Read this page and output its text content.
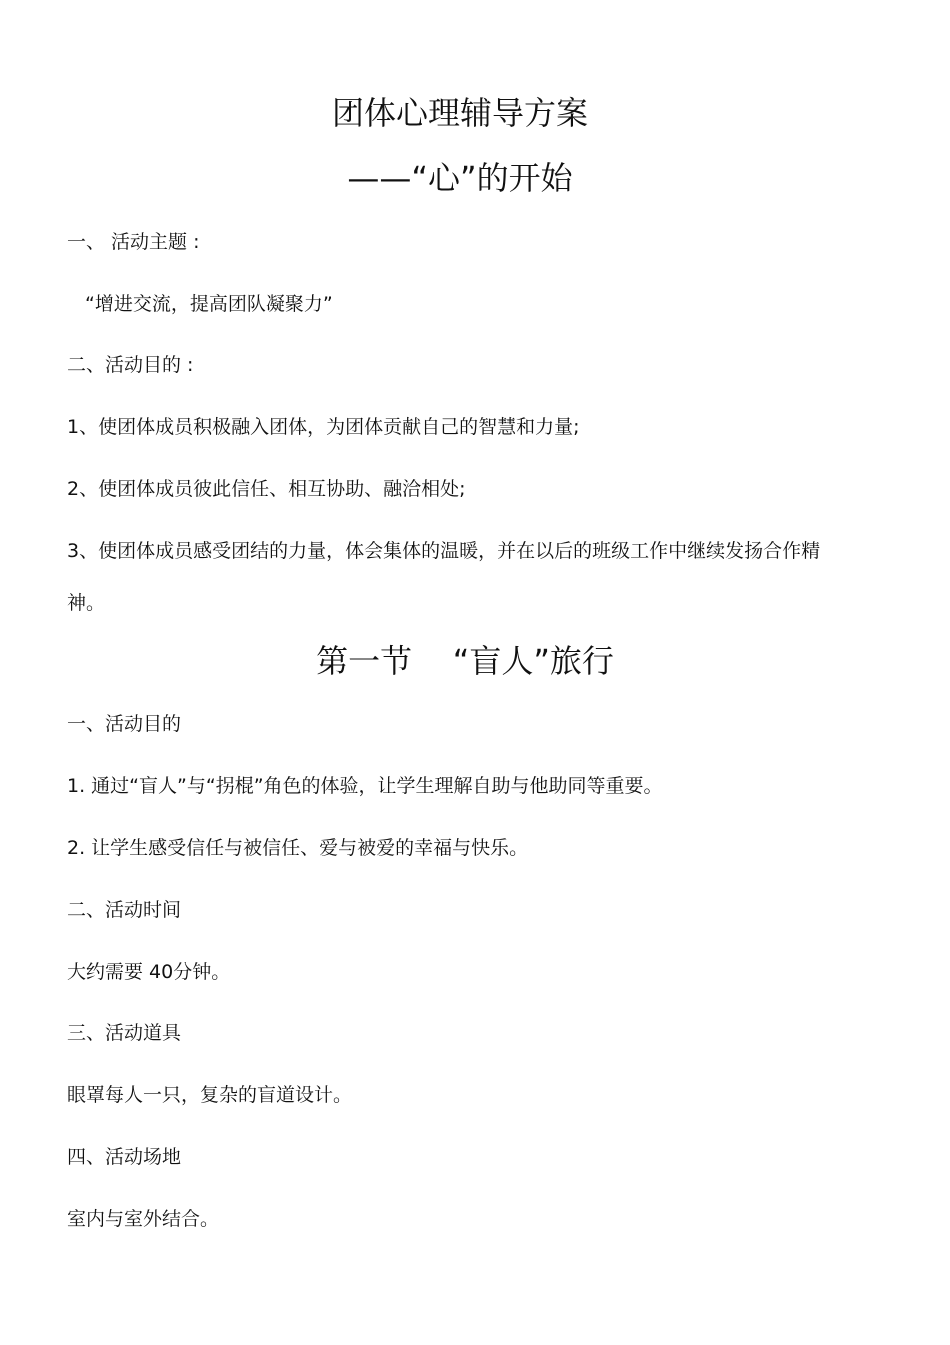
团体心理辅导方案
——“心”的开始
一、 活动主题 :
“增进交流，提高团队凝聚力”
二、活动目的 :
1、使团体成员积极融入团体，为团体贡献自己的智慧和力量;
2、使团体成员彼此信任、相互协助、融洽相处;
3、使团体成员感受团结的力量，体会集体的温暖，并在以后的班级工作中继续发扬合作精神。
第一节    “盲人”旅行
一、活动目的
1. 通过“盲人”与“拐棍”角色的体验，让学生理解自助与他助同等重要。
2. 让学生感受信任与被信任、爱与被爱的幸福与快乐。
二、活动时间
大约需要 40分钟。
三、活动道具
眼罩每人一只，复杂的盲道设计。
四、活动场地
室内与室外结合。
